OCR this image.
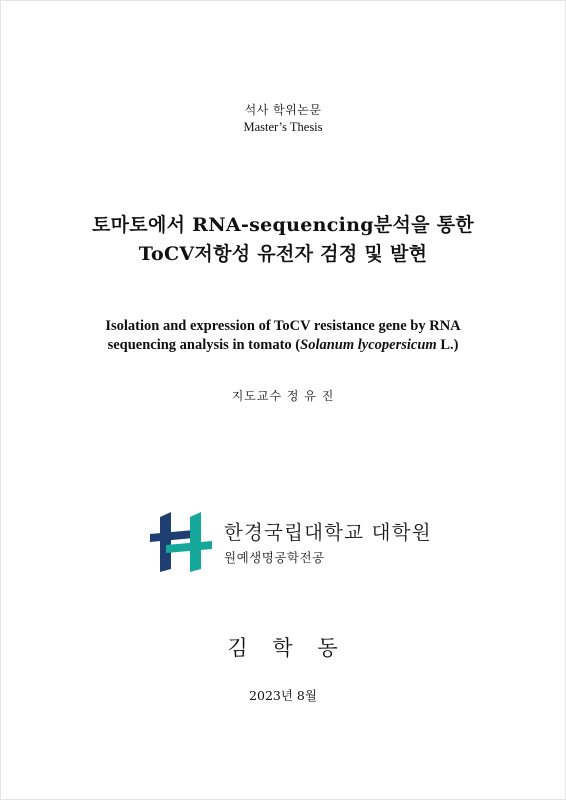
석사 학위논문
Master’s Thesis
토마토에서 RNA-sequencing분석을 통한
ToCV저항성 유전자 검정 및 발현
Isolation and expression of ToCV resistance gene by RNA
sequencing analysis in tomato (Solanum lycopersicum L.)
지도교수 정 유 진
한경국립대학교 대학원
원예생명공학전공
김 학 동
2023년 8월
